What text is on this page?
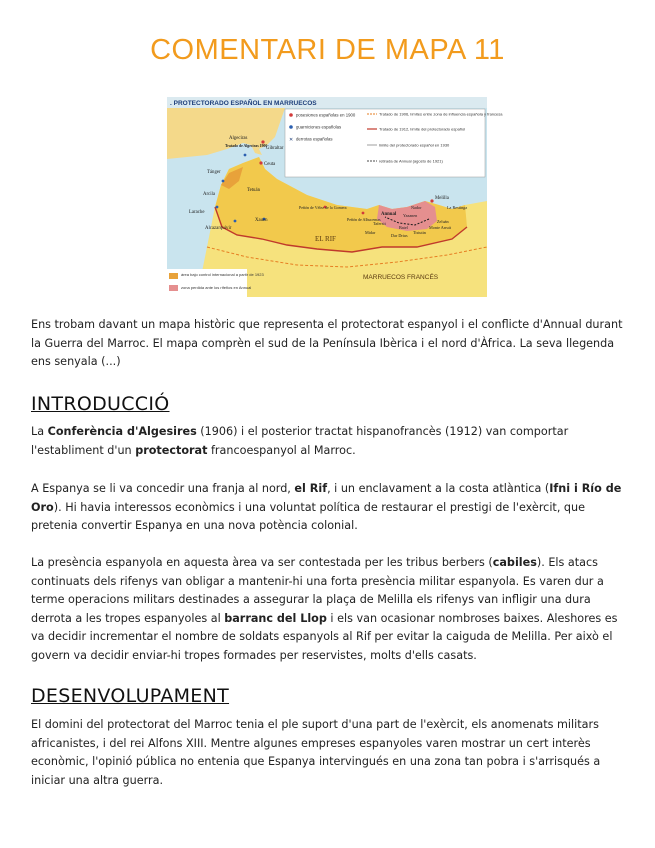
COMENTARI DE MAPA 11
. PROTECTORADO ESPAÑOL EN MARRUECOS
posesiones españolas en 1900
guarniciones españolas
✕ derrotas españolas
Tratado de 1906, límites entre zona de influencia española y francesa
Tratado de 1912, límite del protectorado español
límite del protectorado español en 1930
retirada de Annual (agosto de 1921)
área bajo control internacional a partir de 1923
zona perdida ante los rifeños en Annual
Algeciras
Tratado de Algeciras 1906
Gibraltar
Ceuta
Tánger
Tetuán
Arcila
Larache
Xauen
Alcazarquivir
Peñón de Vélez de la Gomera
Peñón de Alhucemas
EL RIF
Annual
Melilla
Nador	La Restinga
Yazanen
Zeluán
Tafersit
Midar
Dar Drius
Batel
Tistutin
Monte Arruit
MARRUECOS FRANCÉS

Ens trobam davant un mapa històric que representa el protectorat espanyol i el conflicte d'Annual durant la Guerra del Marroc. El mapa comprèn el sud de la Península Ibèrica i el nord d'Àfrica. La seva llegenda ens senyala (...)

INTRODUCCIÓ

La Conferència d'Algesires (1906) i el posterior tractat hispanofrancès (1912) van comportar l'establiment d'un protectorat francoespanyol al Marroc.

A Espanya se li va concedir una franja al nord, el Rif, i un enclavament a la costa atlàntica (Ifni i Río de Oro). Hi havia interessos econòmics i una voluntat política de restaurar el prestigi de l'exèrcit, que pretenia convertir Espanya en una nova potència colonial.

La presència espanyola en aquesta àrea va ser contestada per les tribus berbers (cabiles). Els atacs continuats dels rifenys van obligar a mantenir-hi una forta presència militar espanyola. Es varen dur a terme operacions militars destinades a assegurar la plaça de Melilla els rifenys van infligir una dura derrota a les tropes espanyoles al barranc del Llop i els van ocasionar nombroses baixes. Aleshores es va decidir incrementar el nombre de soldats espanyols al Rif per evitar la caiguda de Melilla. Per això el govern va decidir enviar-hi tropes formades per reservistes, molts d'ells casats.

DESENVOLUPAMENT

El domini del protectorat del Marroc tenia el ple suport d'una part de l'exèrcit, els anomenats militars africanistes, i del rei Alfons XIII. Mentre algunes empreses espanyoles varen mostrar un cert interès econòmic, l'opinió pública no entenia que Espanya intervingués en una zona tan pobra i s'arrisqués a iniciar una altra guerra.
